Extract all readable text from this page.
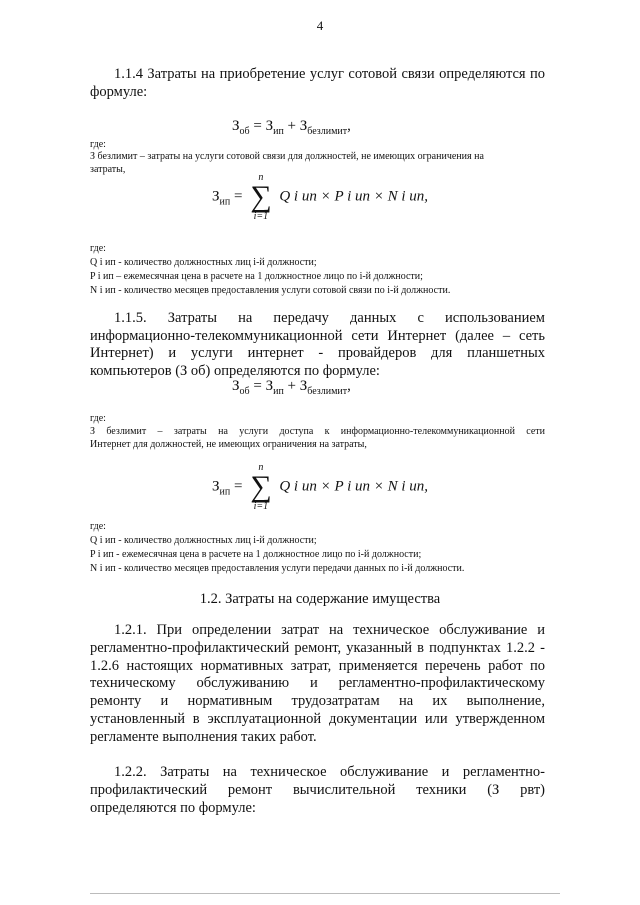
4
1.1.4 Затраты на приобретение услуг сотовой связи определяются по формуле:
$З_{об} = З_{ип} + З_{безлимит}$,
где:
З безлимит – затраты на услуги сотовой связи для должностей, не имеющих ограничения на
затраты,
$З_{ип}$ =
n
∑
i=1
Q i ип × P i ип × N i ип,
где:
Q i ип - количество должностных лиц i-й должности;
P i ип – ежемесячная цена в расчете на 1 должностное лицо по i-й должности;
N i ип - количество месяцев предоставления услуги сотовой связи по i-й должности.
1.1.5. Затраты на передачу данных с использованием информационно-телекоммуникационной сети Интернет (далее – сеть Интернет) и услуги интернет - провайдеров для планшетных компьютеров (З об) определяются по формуле:
$З_{об} = З_{ип} + З_{безлимит}$,
где:
З безлимит – затраты на услуги доступа к информационно-телекоммуникационной сети
Интернет для должностей, не имеющих ограничения на затраты,
$З_{ип}$ =
n
∑
i=1
Q i ип × P i ип × N i ип,
где:
Q i ип - количество должностных лиц i-й должности;
P i ип - ежемесячная цена в расчете на 1 должностное лицо по i-й должности;
N i ип - количество месяцев предоставления услуги передачи данных по i-й должности.
1.2. Затраты на содержание имущества
1.2.1. При определении затрат на техническое обслуживание и регламентно-профилактический ремонт, указанный в подпунктах 1.2.2 - 1.2.6 настоящих нормативных затрат, применяется перечень работ по техническому обслуживанию и регламентно-профилактическому ремонту и нормативным трудозатратам на их выполнение, установленный в эксплуатационной документации или утвержденном регламенте выполнения таких работ.
1.2.2. Затраты на техническое обслуживание и регламентно-профилактический ремонт вычислительной техники (З рвт) определяются по формуле:
